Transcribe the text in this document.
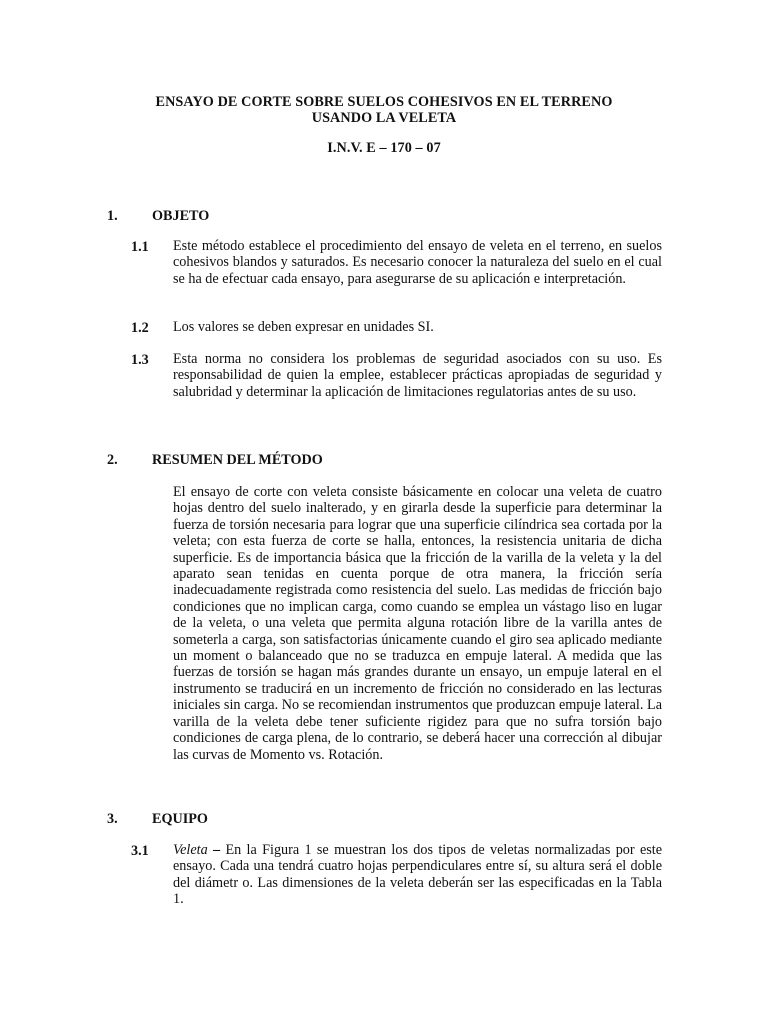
ENSAYO DE CORTE SOBRE SUELOS COHESIVOS EN EL TERRENO
USANDO LA VELETA
I.N.V. E – 170 – 07
1. OBJETO
1.1 Este método establece el procedimiento del ensayo de veleta en el terreno, en suelos cohesivos blandos y saturados. Es necesario conocer la naturaleza del suelo en el cual se ha de efectuar cada ensayo, para asegurarse de su aplicación e interpretación.

1.2 Los valores se deben expresar en unidades SI.

1.3 Esta norma no considera los problemas de seguridad asociados con su uso. Es responsabilidad de quien la emplee, establecer prácticas apropiadas de seguridad y salubridad y determinar la aplicación de limitaciones regulatorias antes de su uso.

2. RESUMEN DEL MÉTODO

El ensayo de corte con veleta consiste básicamente en colocar una veleta de cuatro hojas dentro del suelo inalterado, y en girarla desde la superficie para determinar la fuerza de torsión necesaria para lograr que una superficie cilíndrica sea cortada por la veleta; con esta fuerza de corte se halla, entonces, la resistencia unitaria de dicha superficie. Es de importancia básica que la fricción de la varilla de la veleta y la del aparato sean tenidas en cuenta porque de otra manera, la fricción sería inadecuadamente registrada como resistencia del suelo. Las medidas de fricción bajo condiciones que no implican carga, como cuando se emplea un vástago liso en lugar de la veleta, o una veleta que permita alguna rotación libre de la varilla antes de someterla a carga, son satisfactorias únicamente cuando el giro sea aplicado mediante un moment o balanceado que no se traduzca en empuje lateral. A medida que las fuerzas de torsión se hagan más grandes durante un ensayo, un empuje lateral en el instrumento se traducirá en un incremento de fricción no considerado en las lecturas iniciales sin carga. No se recomiendan instrumentos que produzcan empuje lateral. La varilla de la veleta debe tener suficiente rigidez para que no sufra torsión bajo condiciones de carga plena, de lo contrario, se deberá hacer una corrección al dibujar las curvas de Momento vs. Rotación.

3. EQUIPO
3.1 Veleta – En la Figura 1 se muestran los dos tipos de veletas normalizadas por este ensayo. Cada una tendrá cuatro hojas perpendiculares entre sí, su altura será el doble del diámetr o. Las dimensiones de la veleta deberán ser las especificadas en la Tabla 1.
